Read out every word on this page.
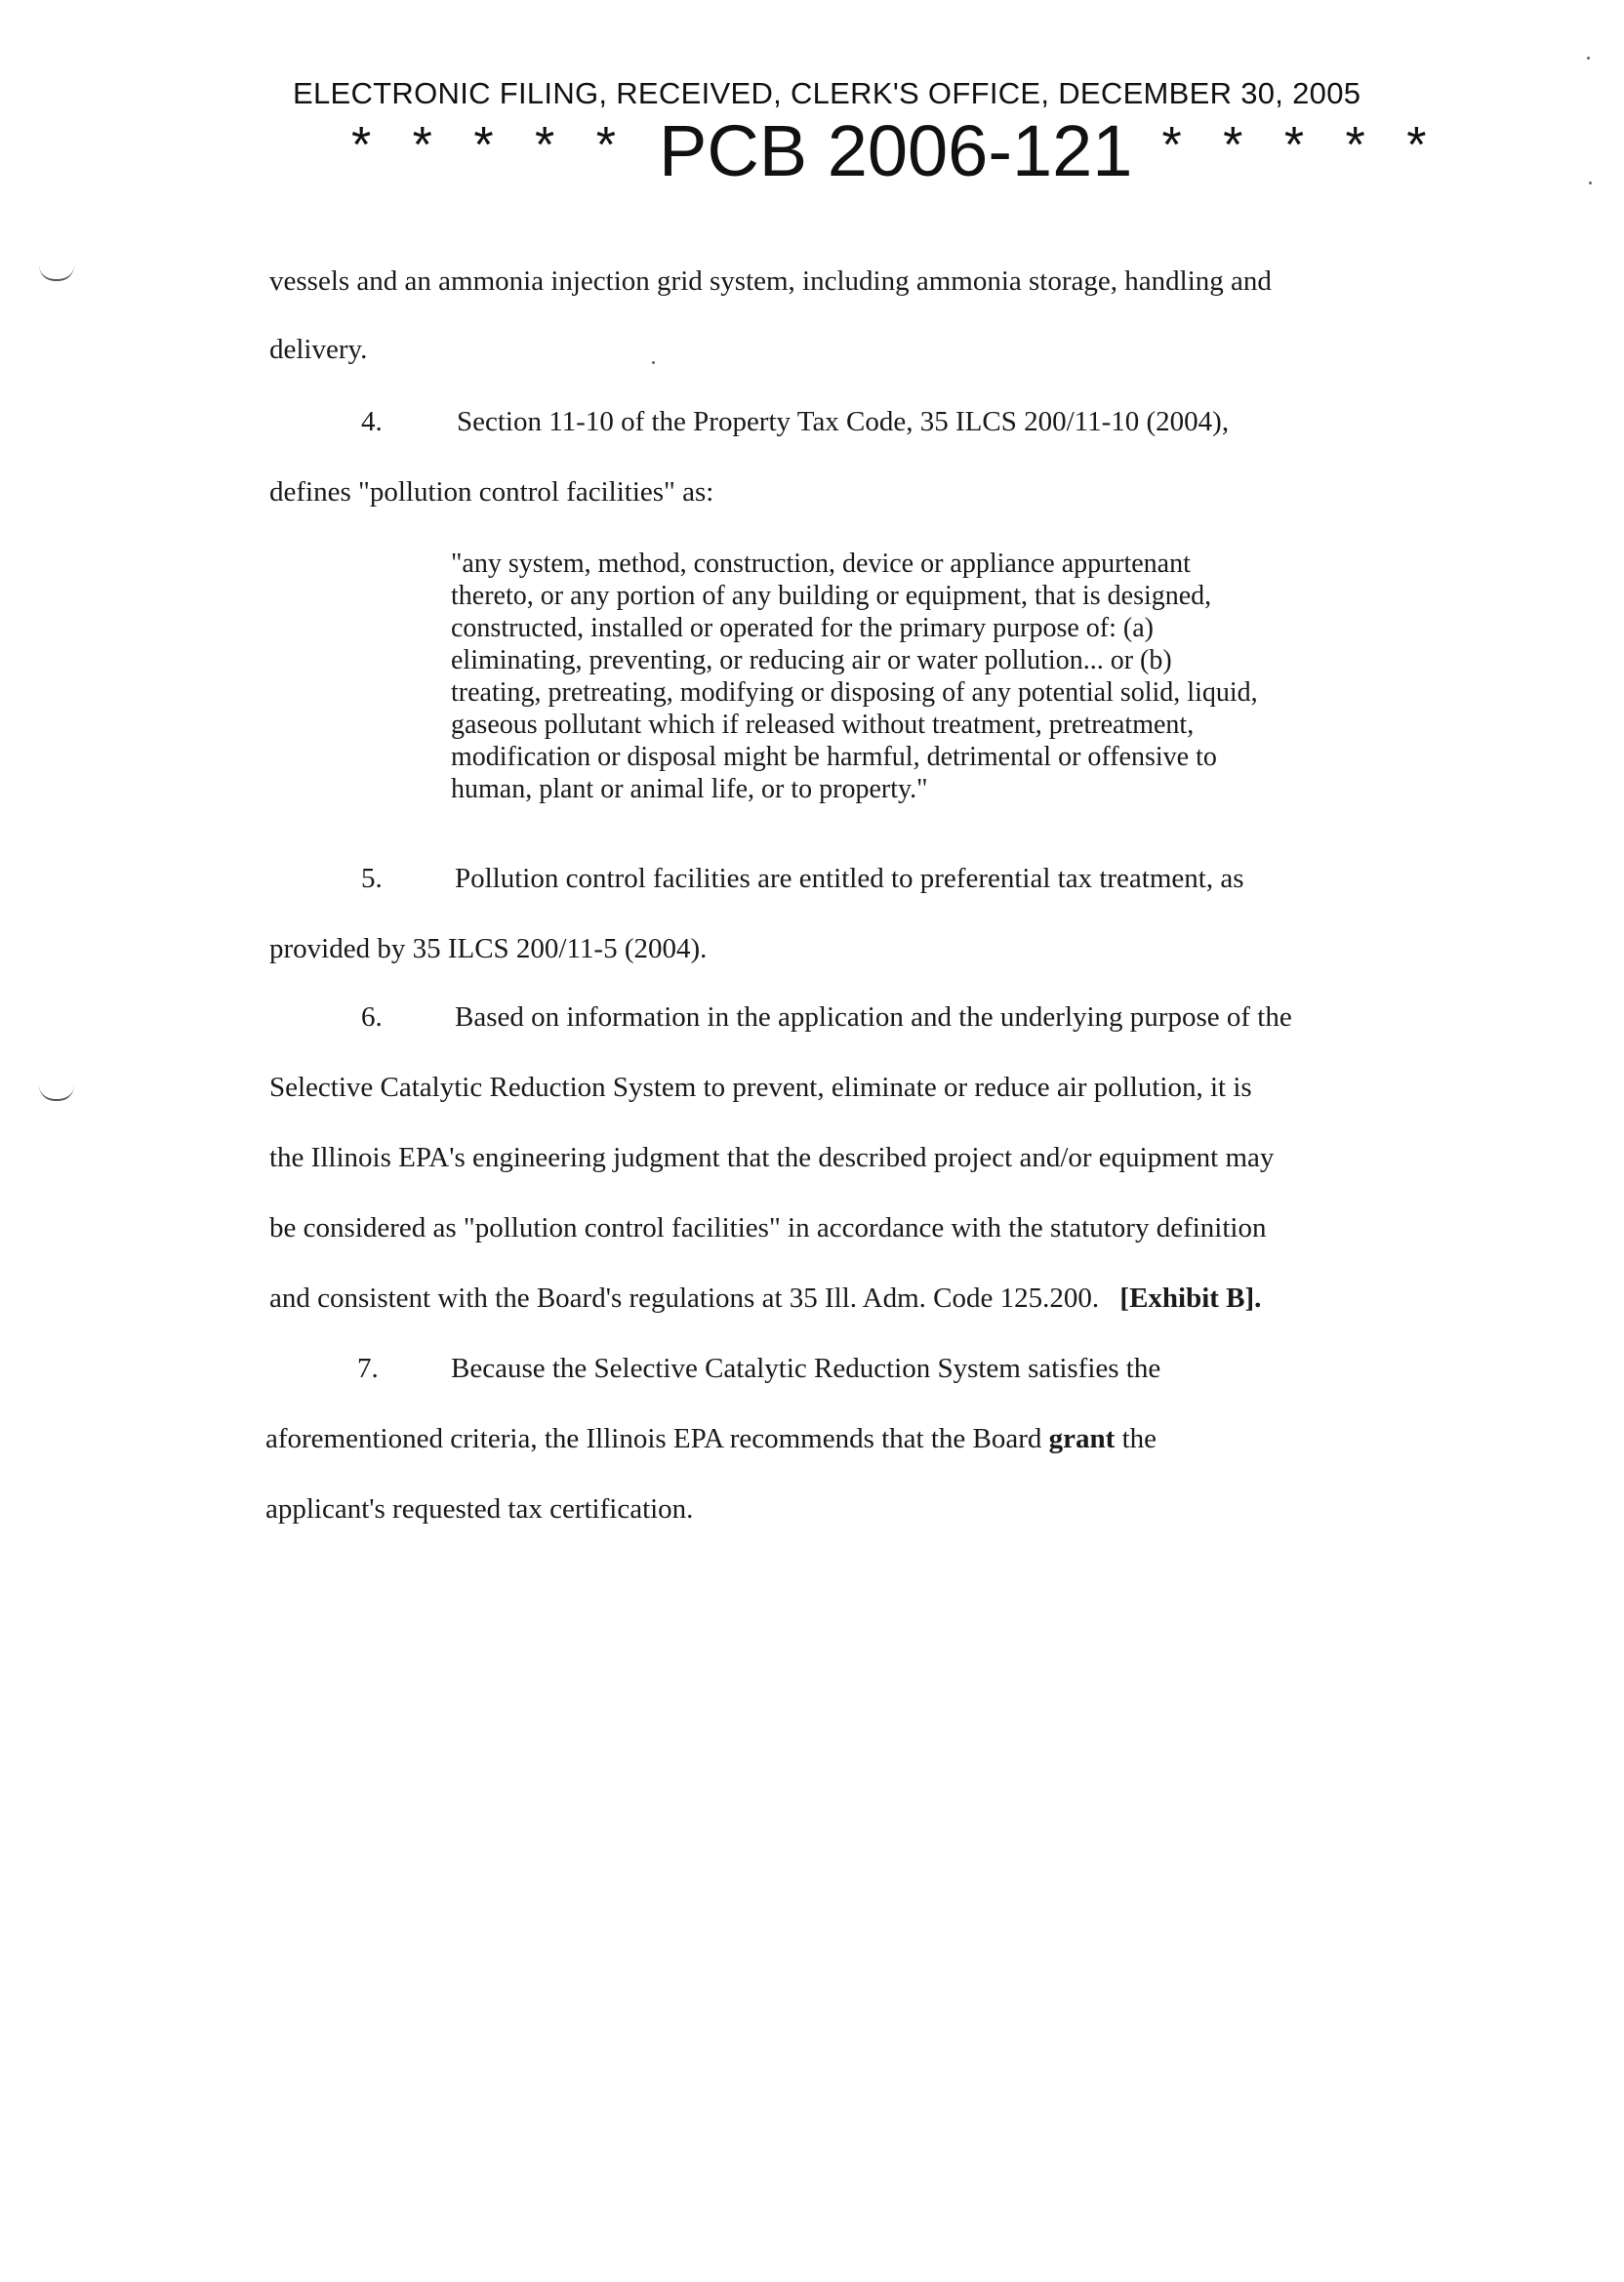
ELECTRONIC FILING, RECEIVED, CLERK'S OFFICE, DECEMBER 30, 2005
* * * * * PCB 2006-121 * * * * *
vessels and an ammonia injection grid system, including ammonia storage, handling and
delivery.
4.	Section 11-10 of the Property Tax Code, 35 ILCS 200/11-10 (2004),
defines "pollution control facilities" as:
"any system, method, construction, device or appliance appurtenant
thereto, or any portion of any building or equipment, that is designed,
constructed, installed or operated for the primary purpose of: (a)
eliminating, preventing, or reducing air or water pollution... or (b)
treating, pretreating, modifying or disposing of any potential solid, liquid,
gaseous pollutant which if released without treatment, pretreatment,
modification or disposal might be harmful, detrimental or offensive to
human, plant or animal life, or to property."
5.	Pollution control facilities are entitled to preferential tax treatment, as
provided by 35 ILCS 200/11-5 (2004).
6.	Based on information in the application and the underlying purpose of the
Selective Catalytic Reduction System to prevent, eliminate or reduce air pollution, it is
the Illinois EPA's engineering judgment that the described project and/or equipment may
be considered as "pollution control facilities" in accordance with the statutory definition
and consistent with the Board's regulations at 35 Ill. Adm. Code 125.200. [Exhibit B].
7.	Because the Selective Catalytic Reduction System satisfies the
aforementioned criteria, the Illinois EPA recommends that the Board grant the
applicant's requested tax certification.
